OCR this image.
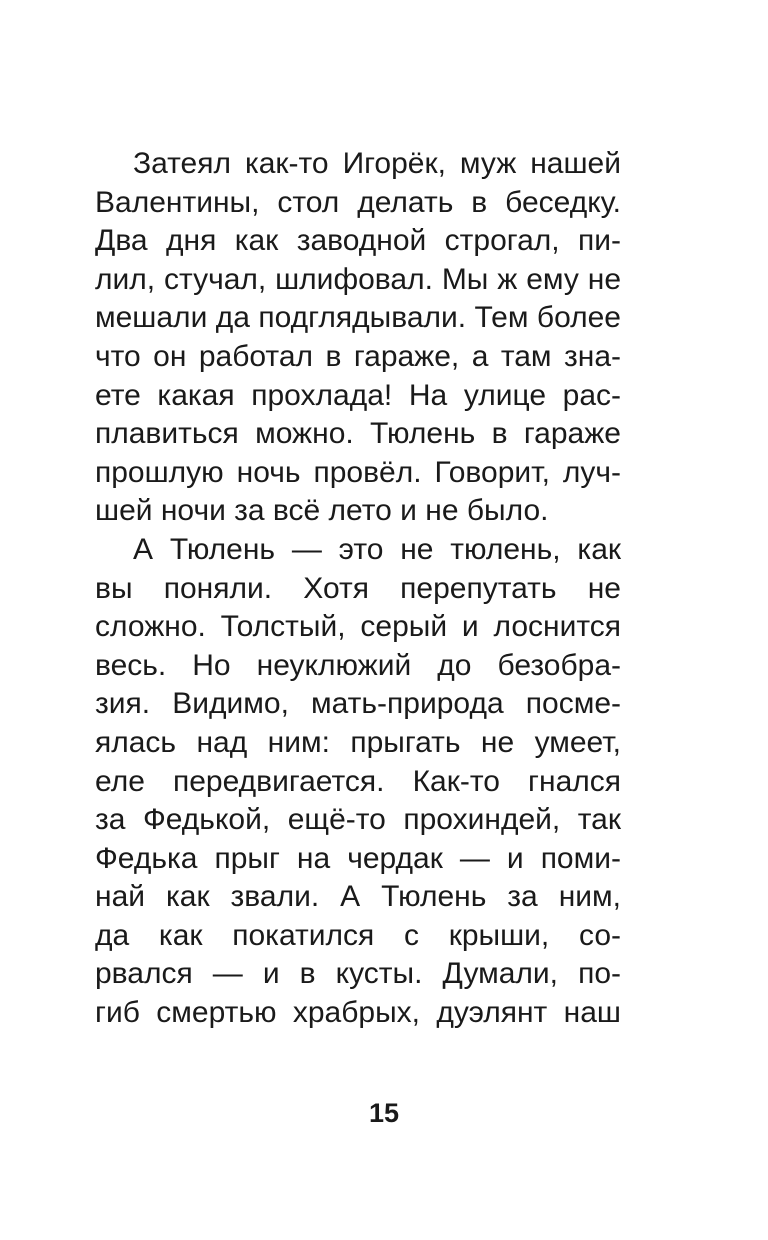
Затеял как-то Игорёк, муж нашей
Валентины, стол делать в беседку.
Два дня как заводной строгал, пи-
лил, стучал, шлифовал. Мы ж ему не
мешали да подглядывали. Тем более
что он работал в гараже, а там зна-
ете какая прохлада! На улице рас-
плавиться можно. Тюлень в гараже
прошлую ночь провёл. Говорит, луч-
шей ночи за всё лето и не было.
А Тюлень — это не тюлень, как
вы поняли. Хотя перепутать не
сложно. Толстый, серый и лоснится
весь. Но неуклюжий до безобра-
зия. Видимо, мать-природа посме-
ялась над ним: прыгать не умеет,
еле передвигается. Как-то гнался
за Федькой, ещё-то прохиндей, так
Федька прыг на чердак — и поми-
най как звали. А Тюлень за ним,
да как покатился с крыши, со-
рвался — и в кусты. Думали, по-
гиб смертью храбрых, дуэлянт наш
15
